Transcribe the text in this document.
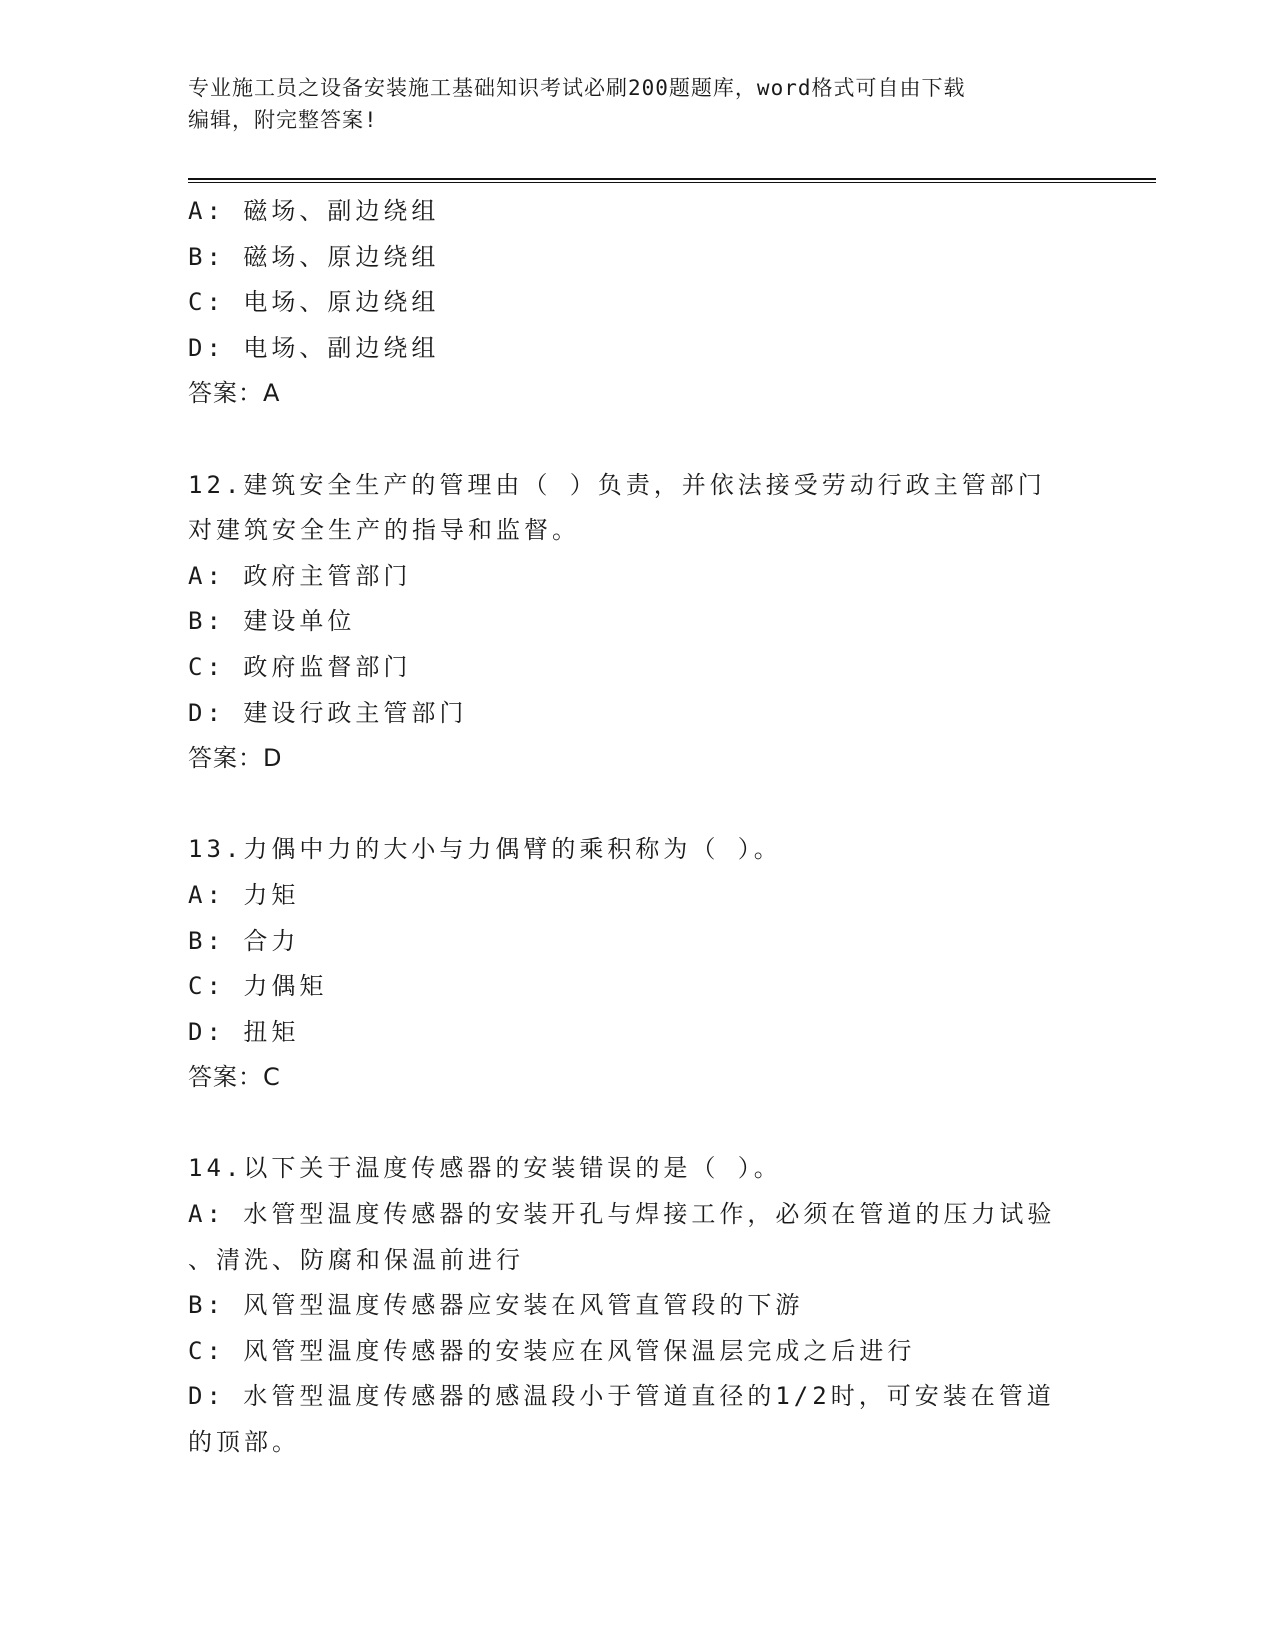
专业施工员之设备安装施工基础知识考试必刷200题题库，word格式可自由下载
编辑，附完整答案!
A: 磁场、副边绕组
B: 磁场、原边绕组
C: 电场、原边绕组
D: 电场、副边绕组
答案：A
12.建筑安全生产的管理由（ ）负责，并依法接受劳动行政主管部门
对建筑安全生产的指导和监督。
A: 政府主管部门
B: 建设单位
C: 政府监督部门
D: 建设行政主管部门
答案：D
13.力偶中力的大小与力偶臂的乘积称为（ ）。
A: 力矩
B: 合力
C: 力偶矩
D: 扭矩
答案：C
14.以下关于温度传感器的安装错误的是（ ）。
A: 水管型温度传感器的安装开孔与焊接工作，必须在管道的压力试验
、清洗、防腐和保温前进行
B: 风管型温度传感器应安装在风管直管段的下游
C: 风管型温度传感器的安装应在风管保温层完成之后进行
D: 水管型温度传感器的感温段小于管道直径的1/2时，可安装在管道
的顶部。
